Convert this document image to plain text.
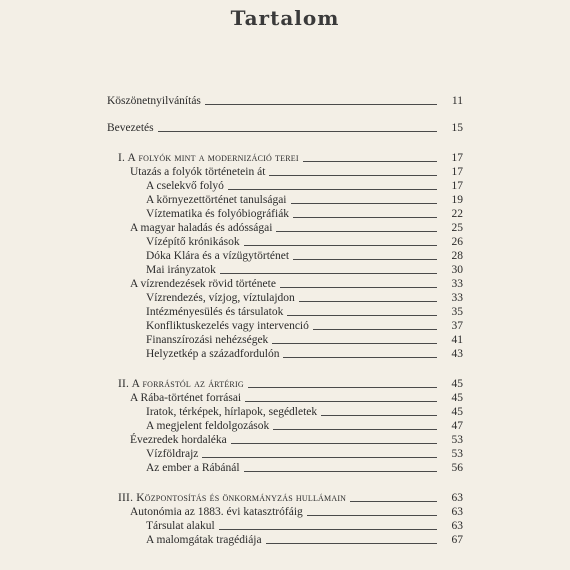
Tartalom
Köszönetnyilvánítás	11
Bevezetés	15
I. A folyók mint a modernizáció terei	17
Utazás a folyók történetein át	17
A cselekvő folyó	17
A környezettörténet tanulságai	19
Víztematika és folyóbiográfiák	22
A magyar haladás és adósságai	25
Vízépítő krónikások	26
Dóka Klára és a vízügytörténet	28
Mai irányzatok	30
A vízrendezések rövid története	33
Vízrendezés, vízjog, víztulajdon	33
Intézményesülés és társulatok	35
Konfliktuskezelés vagy intervenció	37
Finanszírozási nehézségek	41
Helyzetkép a századfordulón	43
II. A forrástól az ártérig	45
A Rába-történet forrásai	45
Iratok, térképek, hírlapok, segédletek	45
A megjelent feldolgozások	47
Évezredek hordaléka	53
Vízföldrajz	53
Az ember a Rábánál	56
III. Központosítás és önkormányzás hullámain	63
Autonómia az 1883. évi katasztrófáig	63
Társulat alakul	63
A malomgátak tragédiája	67
